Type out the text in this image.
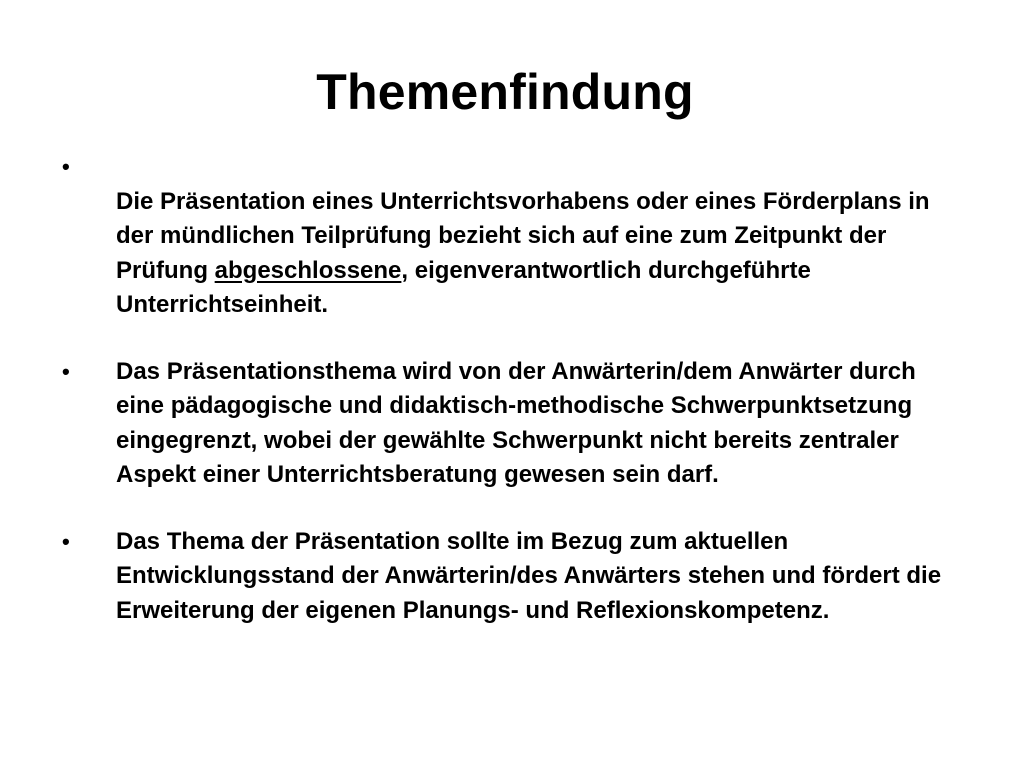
Themenfindung
•
Die Präsentation eines Unterrichtsvorhabens oder eines Förderplans in der mündlichen Teilprüfung bezieht sich auf eine zum Zeitpunkt der Prüfung abgeschlossene, eigenverantwortlich durchgeführte Unterrichtseinheit.
•	Das Präsentationsthema wird von der Anwärterin/dem Anwärter durch eine pädagogische und didaktisch-methodische Schwerpunktsetzung eingegrenzt, wobei der gewählte Schwerpunkt nicht bereits zentraler Aspekt einer Unterrichtsberatung gewesen sein darf.
•	Das Thema der Präsentation sollte im Bezug zum aktuellen Entwicklungsstand der Anwärterin/des Anwärters stehen und fördert die Erweiterung der eigenen Planungs- und Reflexionskompetenz.
